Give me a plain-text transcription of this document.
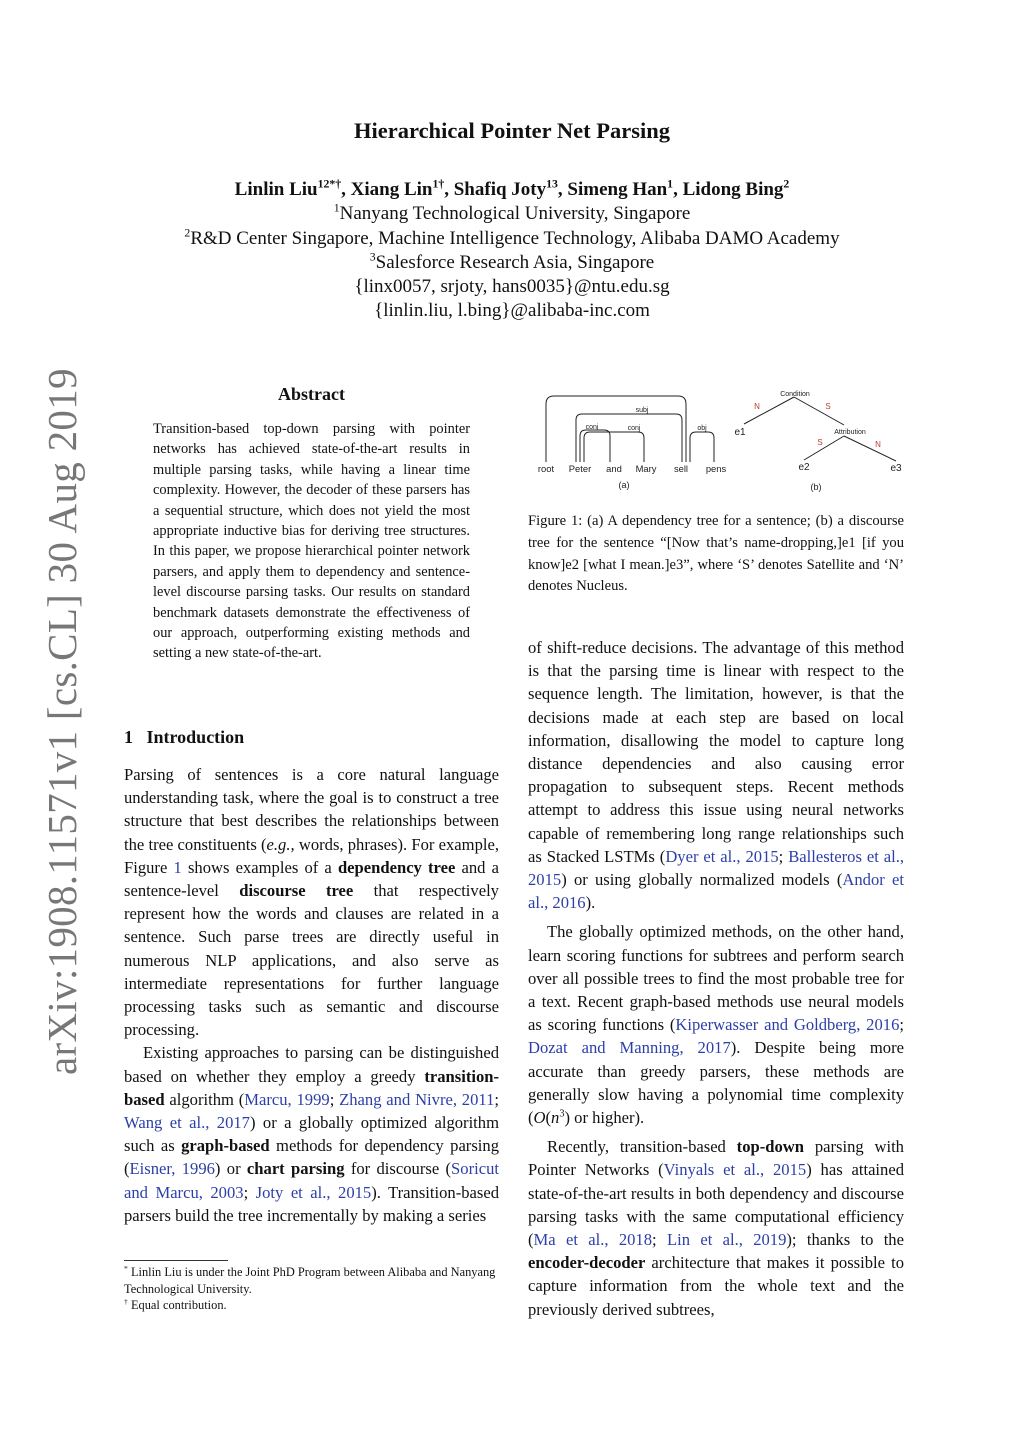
arXiv:1908.11571v1 [cs.CL] 30 Aug 2019
Hierarchical Pointer Net Parsing
Linlin Liu$^{12*\dagger}$, Xiang Lin$^{1\dagger}$, Shafiq Joty$^{13}$, Simeng Han$^1$, Lidong Bing$^2$
$^1$Nanyang Technological University, Singapore
$^2$R&D Center Singapore, Machine Intelligence Technology, Alibaba DAMO Academy
$^3$Salesforce Research Asia, Singapore
{linx0057, srjoty, hans0035}@ntu.edu.sg
{linlin.liu, l.bing}@alibaba-inc.com
Abstract

Transition-based top-down parsing with pointer networks has achieved state-of-the-art results in multiple parsing tasks, while having a linear time complexity. However, the decoder of these parsers has a sequential structure, which does not yield the most appropriate inductive bias for deriving tree structures. In this paper, we propose hierarchical pointer network parsers, and apply them to dependency and sentence-level discourse parsing tasks. Our results on standard benchmark datasets demonstrate the effectiveness of our approach, outperforming existing methods and setting a new state-of-the-art.

1 Introduction

Parsing of sentences is a core natural language understanding task, where the goal is to construct a tree structure that best describes the relationships between the tree constituents (e.g., words, phrases). For example, Figure 1 shows examples of a dependency tree and a sentence-level discourse tree that respectively represent how the words and clauses are related in a sentence. Such parse trees are directly useful in numerous NLP applications, and also serve as intermediate representations for further language processing tasks such as semantic and discourse processing.

Existing approaches to parsing can be distinguished based on whether they employ a greedy transition-based algorithm (Marcu, 1999; Zhang and Nivre, 2011; Wang et al., 2017) or a globally optimized algorithm such as graph-based methods for dependency parsing (Eisner, 1996) or chart parsing for discourse (Soricut and Marcu, 2003; Joty et al., 2015). Transition-based parsers build the tree incrementally by making a series

* Linlin Liu is under the Joint PhD Program between Alibaba and Nanyang Technological University.
† Equal contribution.
root Peter and Mary sell pens
subj
conj	conj	obj
(a)
Condition
Attribution
e1
e2	e3
N	S
S	N
(b)
Figure 1: (a) A dependency tree for a sentence; (b) a discourse tree for the sentence “[Now that’s name-dropping,]e1 [if you know]e2 [what I mean.]e3”, where ‘S’ denotes Satellite and ‘N’ denotes Nucleus.

of shift-reduce decisions. The advantage of this method is that the parsing time is linear with respect to the sequence length. The limitation, however, is that the decisions made at each step are based on local information, disallowing the model to capture long distance dependencies and also causing error propagation to subsequent steps. Recent methods attempt to address this issue using neural networks capable of remembering long range relationships such as Stacked LSTMs (Dyer et al., 2015; Ballesteros et al., 2015) or using globally normalized models (Andor et al., 2016).

The globally optimized methods, on the other hand, learn scoring functions for subtrees and perform search over all possible trees to find the most probable tree for a text. Recent graph-based methods use neural models as scoring functions (Kiperwasser and Goldberg, 2016; Dozat and Manning, 2017). Despite being more accurate than greedy parsers, these methods are generally slow having a polynomial time complexity ($O(n^3)$ or higher).

Recently, transition-based top-down parsing with Pointer Networks (Vinyals et al., 2015) has attained state-of-the-art results in both dependency and discourse parsing tasks with the same computational efficiency (Ma et al., 2018; Lin et al., 2019); thanks to the encoder-decoder architecture that makes it possible to capture information from the whole text and the previously derived subtrees,
